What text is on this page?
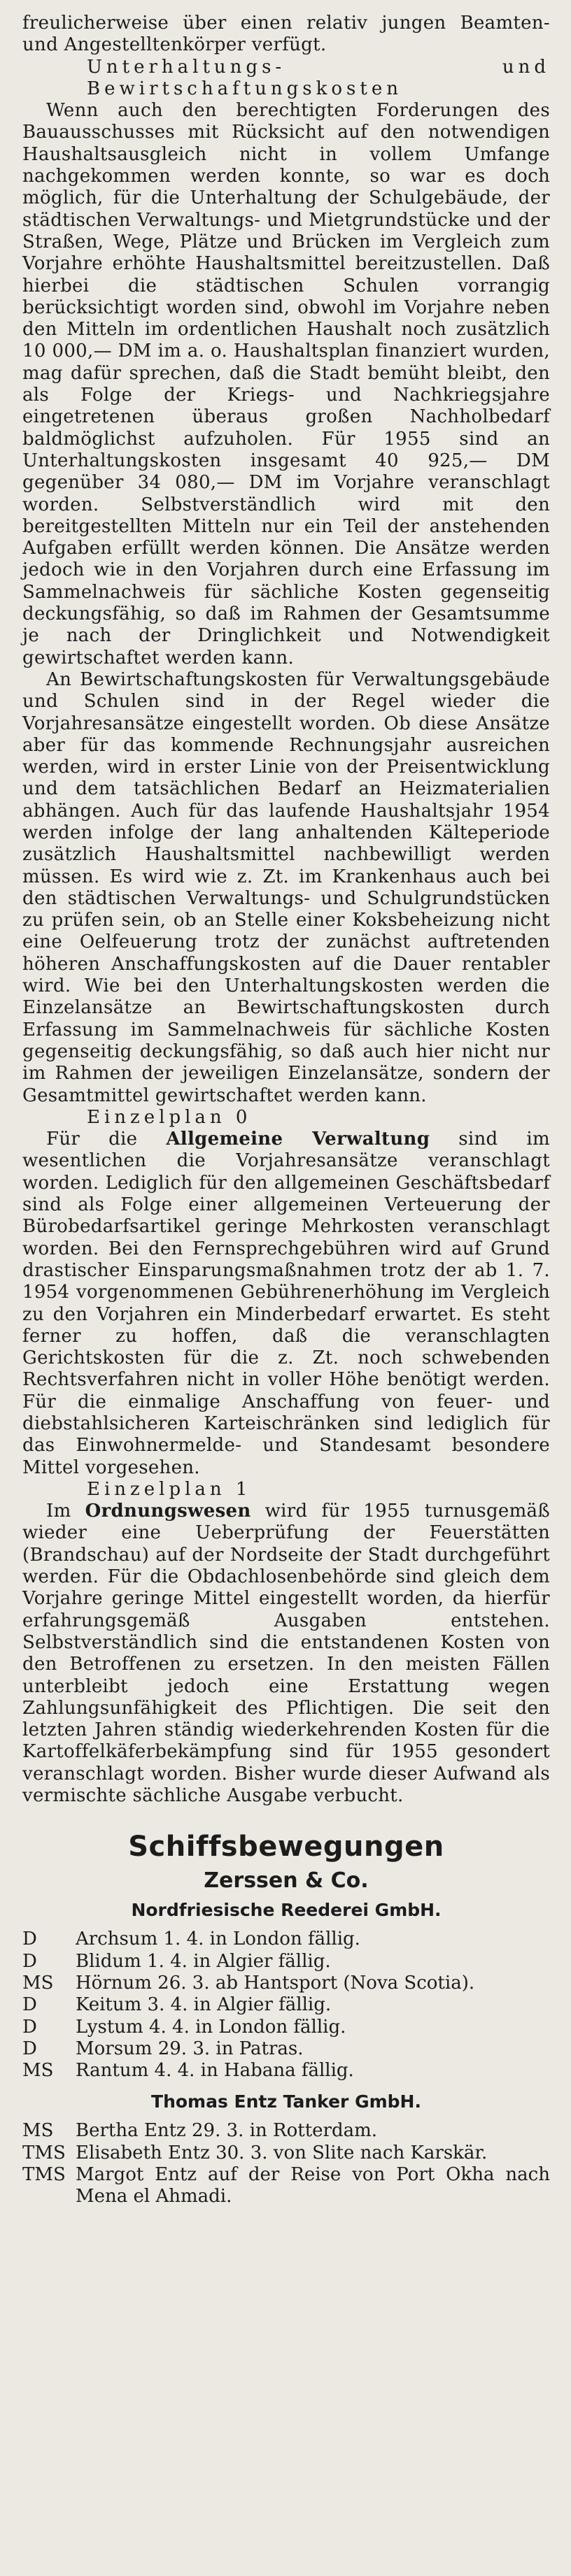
freulicherweise über einen relativ jungen Beamten- und Angestelltenkörper verfügt.

Unterhaltungs- und Bewirtschaftungskosten

Wenn auch den berechtigten Forderungen des Bauausschusses mit Rücksicht auf den notwendigen Haushaltsausgleich nicht in vollem Umfange nachgekommen werden konnte, so war es doch möglich, für die Unterhaltung der Schulgebäude, der städtischen Verwaltungs- und Mietgrundstücke und der Straßen, Wege, Plätze und Brücken im Vergleich zum Vorjahre erhöhte Haushaltsmittel bereitzustellen. Daß hierbei die städtischen Schulen vorrangig berücksichtigt worden sind, obwohl im Vorjahre neben den Mitteln im ordentlichen Haushalt noch zusätzlich 10 000,— DM im a. o. Haushaltsplan finanziert wurden, mag dafür sprechen, daß die Stadt bemüht bleibt, den als Folge der Kriegs- und Nachkriegsjahre eingetretenen überaus großen Nachholbedarf baldmöglichst aufzuholen. Für 1955 sind an Unterhaltungskosten insgesamt 40 925,— DM gegenüber 34 080,— DM im Vorjahre veranschlagt worden. Selbstverständlich wird mit den bereitgestellten Mitteln nur ein Teil der anstehenden Aufgaben erfüllt werden können. Die Ansätze werden jedoch wie in den Vorjahren durch eine Erfassung im Sammelnachweis für sächliche Kosten gegenseitig deckungsfähig, so daß im Rahmen der Gesamtsumme je nach der Dringlichkeit und Notwendigkeit gewirtschaftet werden kann.

An Bewirtschaftungskosten für Verwaltungsgebäude und Schulen sind in der Regel wieder die Vorjahresansätze eingestellt worden. Ob diese Ansätze aber für das kommende Rechnungsjahr ausreichen werden, wird in erster Linie von der Preisentwicklung und dem tatsächlichen Bedarf an Heizmaterialien abhängen. Auch für das laufende Haushaltsjahr 1954 werden infolge der lang anhaltenden Kälteperiode zusätzlich Haushaltsmittel nachbewilligt werden müssen. Es wird wie z. Zt. im Krankenhaus auch bei den städtischen Verwaltungs- und Schulgrundstücken zu prüfen sein, ob an Stelle einer Koksbeheizung nicht eine Oelfeuerung trotz der zunächst auftretenden höheren Anschaffungskosten auf die Dauer rentabler wird. Wie bei den Unterhaltungskosten werden die Einzelansätze an Bewirtschaftungskosten durch Erfassung im Sammelnachweis für sächliche Kosten gegenseitig deckungsfähig, so daß auch hier nicht nur im Rahmen der jeweiligen Einzelansätze, sondern der Gesamtmittel gewirtschaftet werden kann.

Einzelplan 0

Für die Allgemeine Verwaltung sind im wesentlichen die Vorjahresansätze veranschlagt worden. Lediglich für den allgemeinen Geschäftsbedarf sind als Folge einer allgemeinen Verteuerung der Bürobedarfsartikel geringe Mehrkosten veranschlagt worden. Bei den Fernsprechgebühren wird auf Grund drastischer Einsparungsmaßnahmen trotz der ab 1. 7. 1954 vorgenommenen Gebührenerhöhung im Vergleich zu den Vorjahren ein Minderbedarf erwartet. Es steht ferner zu hoffen, daß die veranschlagten Gerichtskosten für die z. Zt. noch schwebenden Rechtsverfahren nicht in voller Höhe benötigt werden. Für die einmalige Anschaffung von feuer- und diebstahlsicheren Karteischränken sind lediglich für das Einwohnermelde- und Standesamt besondere Mittel vorgesehen.

Einzelplan 1

Im Ordnungswesen wird für 1955 turnusgemäß wieder eine Ueberprüfung der Feuerstätten (Brandschau) auf der Nordseite der Stadt durchgeführt werden. Für die Obdachlosenbehörde sind gleich dem Vorjahre geringe Mittel eingestellt worden, da hierfür erfahrungsgemäß Ausgaben entstehen. Selbstverständlich sind die entstandenen Kosten von den Betroffenen zu ersetzen. In den meisten Fällen unterbleibt jedoch eine Erstattung wegen Zahlungsunfähigkeit des Pflichtigen. Die seit den letzten Jahren ständig wiederkehrenden Kosten für die Kartoffelkäferbekämpfung sind für 1955 gesondert veranschlagt worden. Bisher wurde dieser Aufwand als vermischte sächliche Ausgabe verbucht.

Schiffsbewegungen
Zerssen & Co.
Nordfriesische Reederei GmbH.
D	Archsum 1. 4. in London fällig.
D	Blidum 1. 4. in Algier fällig.
MS	Hörnum 26. 3. ab Hantsport (Nova Scotia).
D	Keitum 3. 4. in Algier fällig.
D	Lystum 4. 4. in London fällig.
D	Morsum 29. 3. in Patras.
MS	Rantum 4. 4. in Habana fällig.
Thomas Entz Tanker GmbH.
MS	Bertha Entz 29. 3. in Rotterdam.
TMS Elisabeth Entz 30. 3. von Slite nach Karskär.
TMS Margot Entz auf der Reise von Port Okha nach Mena el Ahmadi.
